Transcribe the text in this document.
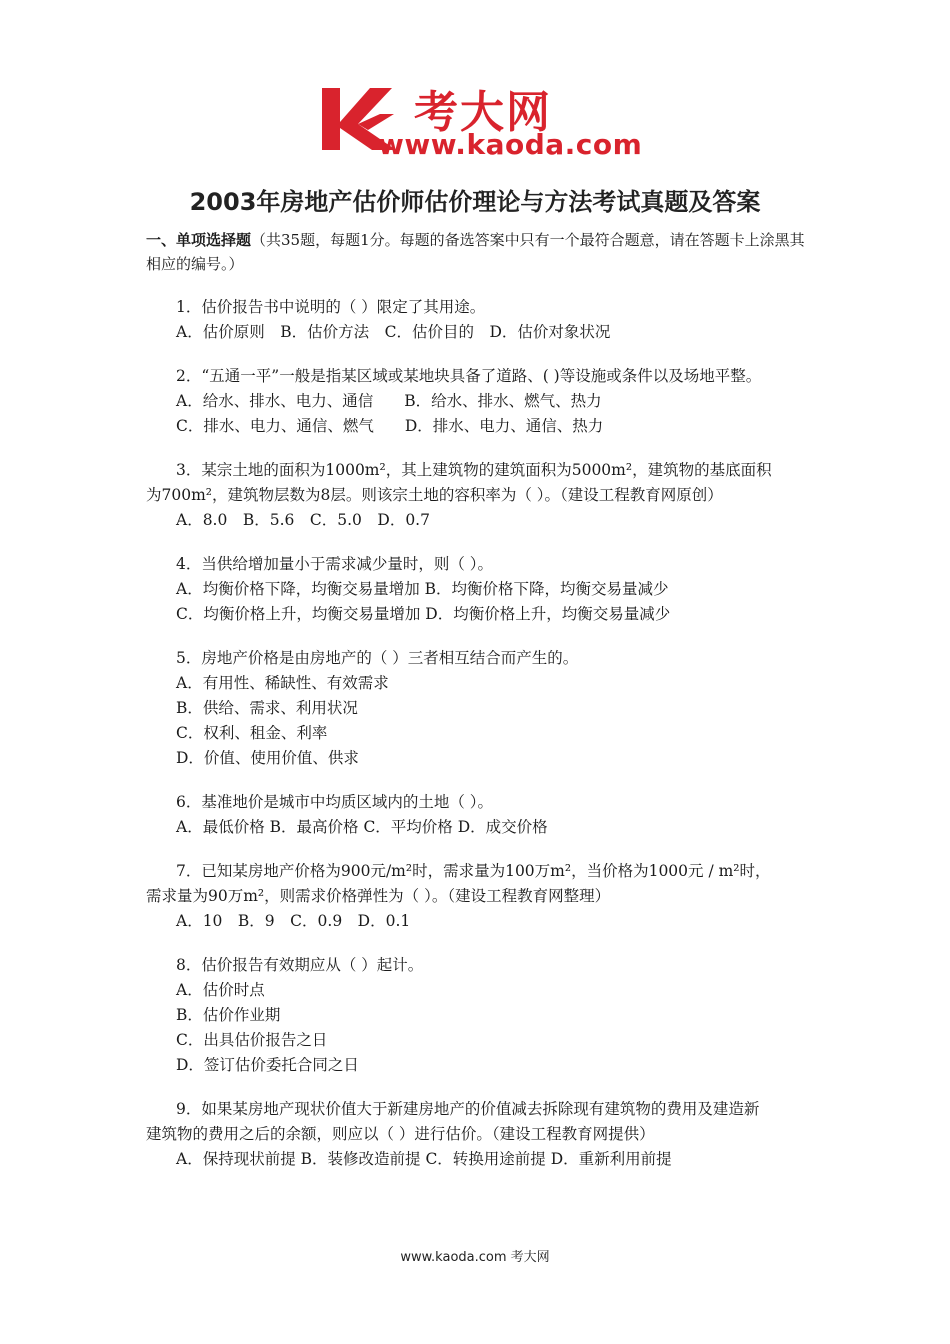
考大网
www.kaoda.com
2003年房地产估价师估价理论与方法考试真题及答案
一、单项选择题（共35题，每题1分。每题的备选答案中只有一个最符合题意，请在答题卡上涂黑其相应的编号。）
1．估价报告书中说明的（ ）限定了其用途。
A．估价原则　B．估价方法　C．估价目的　D．估价对象状况
2．“五通一平”一般是指某区域或某地块具备了道路、( )等设施或条件以及场地平整。
A．给水、排水、电力、通信　　B．给水、排水、燃气、热力
C．排水、电力、通信、燃气　　D．排水、电力、通信、热力
3．某宗土地的面积为1000m²，其上建筑物的建筑面积为5000m²，建筑物的基底面积
为700m²，建筑物层数为8层。则该宗土地的容积率为（ ）。（建设工程教育网原创）
A．8.0　B．5.6　C．5.0　D．0.7
4．当供给增加量小于需求减少量时，则（ ）。
A．均衡价格下降，均衡交易量增加 B．均衡价格下降，均衡交易量减少
C．均衡价格上升，均衡交易量增加 D．均衡价格上升，均衡交易量减少
5．房地产价格是由房地产的（ ）三者相互结合而产生的。
A．有用性、稀缺性、有效需求
B．供给、需求、利用状况
C．权利、租金、利率
D．价值、使用价值、供求
6．基准地价是城市中均质区域内的土地（ ）。
A．最低价格 B．最高价格 C．平均价格 D．成交价格
7．已知某房地产价格为900元/m²时，需求量为100万m²，当价格为1000元 / m²时，
需求量为90万m²，则需求价格弹性为（ ）。（建设工程教育网整理）
A．10　B．9　C．0.9　D．0.1
8．估价报告有效期应从（ ）起计。
A．估价时点
B．估价作业期
C．出具估价报告之日
D．签订估价委托合同之日
9．如果某房地产现状价值大于新建房地产的价值减去拆除现有建筑物的费用及建造新
建筑物的费用之后的余额，则应以（ ）进行估价。（建设工程教育网提供）
A．保持现状前提 B．装修改造前提 C．转换用途前提 D．重新利用前提
www.kaoda.com 考大网
